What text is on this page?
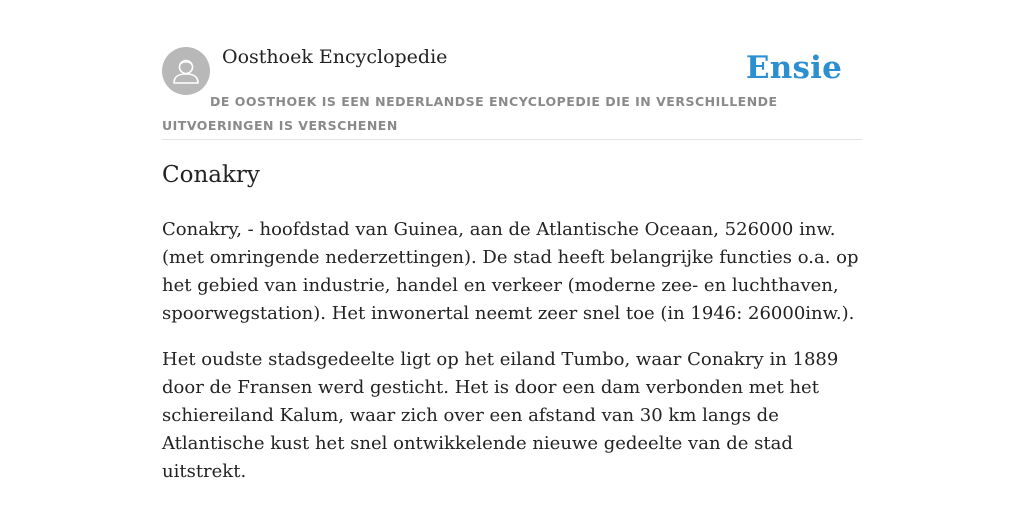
Oosthoek Encyclopedie	Ensie

DE OOSTHOEK IS EEN NEDERLANDSE ENCYCLOPEDIE DIE IN VERSCHILLENDE UITVOERINGEN IS VERSCHENEN

Conakry

Conakry, - hoofdstad van Guinea, aan de Atlantische Oceaan, 526000 inw. (met omringende nederzettingen). De stad heeft belangrijke functies o.a. op het gebied van industrie, handel en verkeer (moderne zee- en luchthaven, spoorwegstation). Het inwonertal neemt zeer snel toe (in 1946: 26000inw.).

Het oudste stadsgedeelte ligt op het eiland Tumbo, waar Conakry in 1889 door de Fransen werd gesticht. Het is door een dam verbonden met het schiereiland Kalum, waar zich over een afstand van 30 km langs de Atlantische kust het snel ontwikkelende nieuwe gedeelte van de stad uitstrekt.
